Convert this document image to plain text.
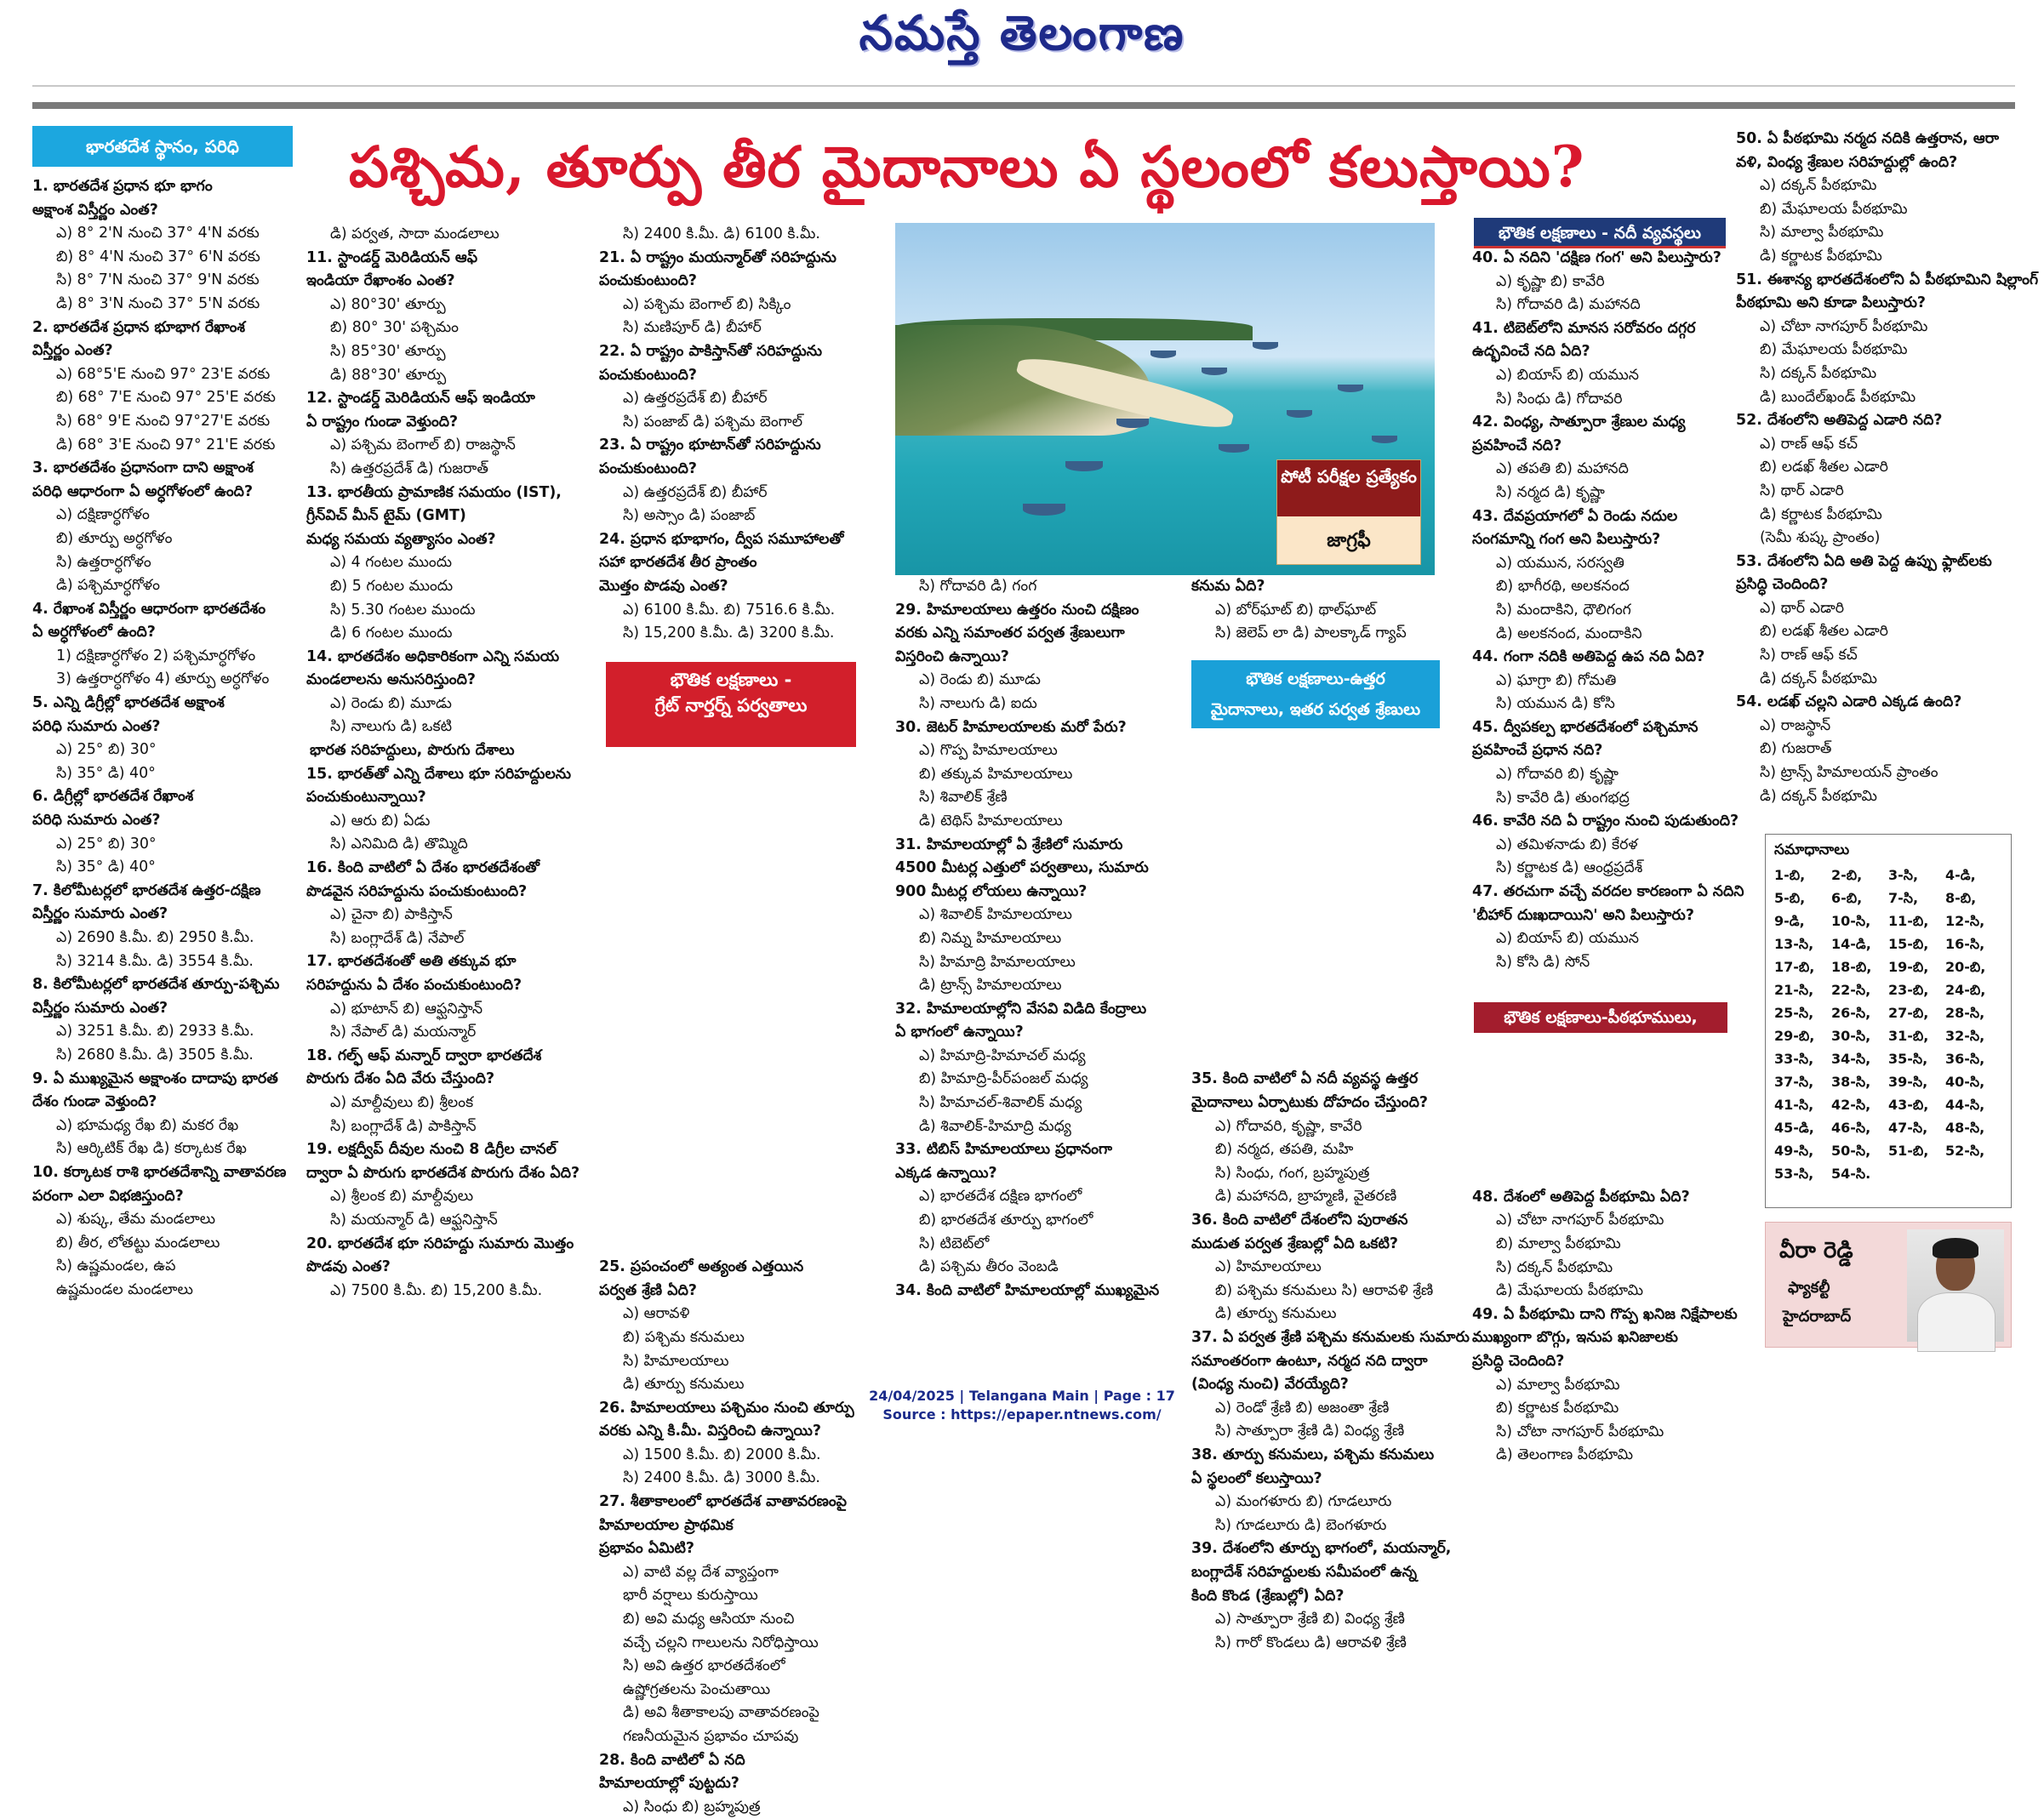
నమస్తే తెలంగాణ
భారతదేశ స్థానం, పరిధి	పశ్చిమ, తూర్పు తీర మైదానాలు ఏ స్థలంలో కలుస్తాయి?
పోటీ పరీక్షల ప్రత్యేకం
జాగ్రఫీ
భౌతిక లక్షణాలు -
గ్రేట్ నార్తర్న్ పర్వతాలు
భౌతిక లక్షణాలు - నదీ వ్యవస్థలు
భౌతిక లక్షణాలు-ఉత్తర
మైదానాలు, ఇతర పర్వత శ్రేణులు
భౌతిక లక్షణాలు-పీఠభూములు, ఎడారులు
1. భారతదేశ ప్రధాన భూ భాగం
అక్షాంశ విస్తీర్ణం ఎంత?
ఎ) 8° 2'N నుంచి 37° 4'N వరకు
బి) 8° 4'N నుంచి 37° 6'N వరకు
సి) 8° 7'N నుంచి 37° 9'N వరకు
డి) 8° 3'N నుంచి 37° 5'N వరకు
2. భారతదేశ ప్రధాన భూభాగ రేఖాంశ
విస్తీర్ణం ఎంత?
ఎ) 68°5'E నుంచి 97° 23'E వరకు
బి) 68° 7'E నుంచి 97° 25'E వరకు
సి) 68° 9'E నుంచి 97°27'E వరకు
డి) 68° 3'E నుంచి 97° 21'E వరకు
3. భారతదేశం ప్రధానంగా దాని అక్షాంశ
పరిధి ఆధారంగా ఏ అర్ధగోళంలో ఉంది?
ఎ) దక్షిణార్ధగోళం
బి) తూర్పు అర్ధగోళం
సి) ఉత్తరార్ధగోళం
డి) పశ్చిమార్ధగోళం
4. రేఖాంశ విస్తీర్ణం ఆధారంగా భారతదేశం
ఏ అర్ధగోళంలో ఉంది?
1) దక్షిణార్ధగోళం 2) పశ్చిమార్ధగోళం
3) ఉత్తరార్ధగోళం 4) తూర్పు అర్ధగోళం
5. ఎన్ని డిగ్రీల్లో భారతదేశ అక్షాంశ
పరిధి సుమారు ఎంత?
ఎ) 25° బి) 30°
సి) 35° డి) 40°
6. డిగ్రీల్లో భారతదేశ రేఖాంశ
పరిధి సుమారు ఎంత?
ఎ) 25° బి) 30°
సి) 35° డి) 40°
7. కిలోమీటర్లలో భారతదేశ ఉత్తర-దక్షిణ
విస్తీర్ణం సుమారు ఎంత?
ఎ) 2690 కి.మీ. బి) 2950 కి.మీ.
సి) 3214 కి.మీ. డి) 3554 కి.మీ.
8. కిలోమీటర్లలో భారతదేశ తూర్పు-పశ్చిమ
విస్తీర్ణం సుమారు ఎంత?
ఎ) 3251 కి.మీ. బి) 2933 కి.మీ.
సి) 2680 కి.మీ. డి) 3505 కి.మీ.
9. ఏ ముఖ్యమైన అక్షాంశం దాదాపు భారత
దేశం గుండా వెళ్తుంది?
ఎ) భూమధ్య రేఖ బి) మకర రేఖ
సి) ఆర్కిటిక్ రేఖ డి) కర్కాటక రేఖ
10. కర్కాటక రాశి భారతదేశాన్ని వాతావరణ
పరంగా ఎలా విభజిస్తుంది?
ఎ) శుష్క, తేమ మండలాలు
బి) తీర, లోతట్టు మండలాలు
సి) ఉష్ణమండల, ఉప
ఉష్ణమండల మండలాలు
డి) పర్వత, సాదా మండలాలు
11. స్టాండర్డ్ మెరిడియన్ ఆఫ్
ఇండియా రేఖాంశం ఎంత?
ఎ) 80°30' తూర్పు
బి) 80° 30' పశ్చిమం
సి) 85°30' తూర్పు
డి) 88°30' తూర్పు
12. స్టాండర్డ్ మెరిడియన్ ఆఫ్ ఇండియా
ఏ రాష్ట్రం గుండా వెళ్తుంది?
ఎ) పశ్చిమ బెంగాల్ బి) రాజస్థాన్
సి) ఉత్తరప్రదేశ్ డి) గుజరాత్
13. భారతీయ ప్రామాణిక సమయం (IST),
గ్రీన్‌విచ్ మీన్ టైమ్ (GMT)
మధ్య సమయ వ్యత్యాసం ఎంత?
ఎ) 4 గంటల ముందు
బి) 5 గంటల ముందు
సి) 5.30 గంటల ముందు
డి) 6 గంటల ముందు
14. భారతదేశం అధికారికంగా ఎన్ని సమయ
మండలాలను అనుసరిస్తుంది?
ఎ) రెండు బి) మూడు
సి) నాలుగు డి) ఒకటి
భారత సరిహద్దులు, పొరుగు దేశాలు
15. భారత్‌తో ఎన్ని దేశాలు భూ సరిహద్దులను
పంచుకుంటున్నాయి?
ఎ) ఆరు బి) ఏడు
సి) ఎనిమిది డి) తొమ్మిది
16. కింది వాటిలో ఏ దేశం భారతదేశంతో
పొడవైన సరిహద్దును పంచుకుంటుంది?
ఎ) చైనా బి) పాకిస్తాన్
సి) బంగ్లాదేశ్ డి) నేపాల్
17. భారతదేశంతో అతి తక్కువ భూ
సరిహద్దును ఏ దేశం పంచుకుంటుంది?
ఎ) భూటాన్ బి) ఆఫ్ఘనిస్తాన్
సి) నేపాల్ డి) మయన్మార్
18. గల్ఫ్ ఆఫ్ మన్నార్ ద్వారా భారతదేశ
పొరుగు దేశం ఏది వేరు చేస్తుంది?
ఎ) మాల్దీవులు బి) శ్రీలంక
సి) బంగ్లాదేశ్ డి) పాకిస్తాన్
19. లక్షద్వీప్ దీవుల నుంచి 8 డిగ్రీల చానల్
ద్వారా ఏ పొరుగు భారతదేశ పొరుగు దేశం ఏది?
ఎ) శ్రీలంక బి) మాల్దీవులు
సి) మయన్మార్ డి) ఆఫ్ఘనిస్తాన్
20. భారతదేశ భూ సరిహద్దు సుమారు మొత్తం
పొడవు ఎంత?
ఎ) 7500 కి.మీ. బి) 15,200 కి.మీ.
సి) 2400 కి.మీ. డి) 6100 కి.మీ.
21. ఏ రాష్ట్రం మయన్మార్‌తో సరిహద్దును
పంచుకుంటుంది?
ఎ) పశ్చిమ బెంగాల్ బి) సిక్కిం
సి) మణిపూర్ డి) బీహార్
22. ఏ రాష్ట్రం పాకిస్తాన్‌తో సరిహద్దును
పంచుకుంటుంది?
ఎ) ఉత్తరప్రదేశ్ బి) బీహార్
సి) పంజాబ్ డి) పశ్చిమ బెంగాల్
23. ఏ రాష్ట్రం భూటాన్‌తో సరిహద్దును
పంచుకుంటుంది?
ఎ) ఉత్తరప్రదేశ్ బి) బీహార్
సి) అస్సాం డి) పంజాబ్
24. ప్రధాన భూభాగం, ద్వీప సమూహాలతో
సహా భారతదేశ తీర ప్రాంతం
మొత్తం పొడవు ఎంత?
ఎ) 6100 కి.మీ. బి) 7516.6 కి.మీ.
సి) 15,200 కి.మీ. డి) 3200 కి.మీ.
25. ప్రపంచంలో అత్యంత ఎత్తయిన
పర్వత శ్రేణి ఏది?
ఎ) ఆరావళి
బి) పశ్చిమ కనుమలు
సి) హిమాలయాలు
డి) తూర్పు కనుమలు
26. హిమాలయాలు పశ్చిమం నుంచి తూర్పు
వరకు ఎన్ని కి.మీ. విస్తరించి ఉన్నాయి?
ఎ) 1500 కి.మీ. బి) 2000 కి.మీ.
సి) 2400 కి.మీ. డి) 3000 కి.మీ.
27. శీతాకాలంలో భారతదేశ వాతావరణంపై
హిమాలయాల ప్రాథమిక
ప్రభావం ఏమిటి?
ఎ) వాటి వల్ల దేశ వ్యాప్తంగా
భారీ వర్షాలు కురుస్తాయి
బి) అవి మధ్య ఆసియా నుంచి
వచ్చే చల్లని గాలులను నిరోధిస్తాయి
సి) అవి ఉత్తర భారతదేశంలో
ఉష్ణోగ్రతలను పెంచుతాయి
డి) అవి శీతాకాలపు వాతావరణంపై
గణనీయమైన ప్రభావం చూపవు
28. కింది వాటిలో ఏ నది
హిమాలయాల్లో పుట్టదు?
ఎ) సింధు బి) బ్రహ్మపుత్ర
సి) గోదావరి డి) గంగ
29. హిమాలయాలు ఉత్తరం నుంచి దక్షిణం
వరకు ఎన్ని సమాంతర పర్వత శ్రేణులుగా
విస్తరించి ఉన్నాయి?
ఎ) రెండు బి) మూడు
సి) నాలుగు డి) ఐదు
30. జెటర్ హిమాలయాలకు మరో పేరు?
ఎ) గొప్ప హిమాలయాలు
బి) తక్కువ హిమాలయాలు
సి) శివాలిక్ శ్రేణి
డి) టెథిస్ హిమాలయాలు
31. హిమాలయాల్లో ఏ శ్రేణిలో సుమారు
4500 మీటర్ల ఎత్తులో పర్వతాలు, సుమారు
900 మీటర్ల లోయలు ఉన్నాయి?
ఎ) శివాలిక్ హిమాలయాలు
బి) నిమ్న హిమాలయాలు
సి) హిమాద్రి హిమాలయాలు
డి) ట్రాన్స్ హిమాలయాలు
32. హిమాలయాల్లోని వేసవి విడిది కేంద్రాలు
ఏ భాగంలో ఉన్నాయి?
ఎ) హిమాద్రి-హిమాచల్ మధ్య
బి) హిమాద్రి-పీర్‌పంజల్ మధ్య
సి) హిమాచల్-శివాలిక్ మధ్య
డి) శివాలిక్-హిమాద్రి మధ్య
33. టిబిస్ హిమాలయాలు ప్రధానంగా
ఎక్కడ ఉన్నాయి?
ఎ) భారతదేశ దక్షిణ భాగంలో
బి) భారతదేశ తూర్పు భాగంలో
సి) టిబెట్‌లో
డి) పశ్చిమ తీరం వెంబడి
34. కింది వాటిలో హిమాలయాల్లో ముఖ్యమైన
కనుమ ఏది?
ఎ) బోర్‌ఘాట్ బి) థాల్‌ఘాట్
సి) జెలెప్ లా డి) పాలక్కాడ్ గ్యాప్
35. కింది వాటిలో ఏ నదీ వ్యవస్థ ఉత్తర
మైదానాలు ఏర్పాటుకు దోహదం చేస్తుంది?
ఎ) గోదావరి, కృష్ణా, కావేరి
బి) నర్మద, తపతి, మహి
సి) సింధు, గంగ, బ్రహ్మపుత్ర
డి) మహానది, బ్రాహ్మణి, వైతరణి
36. కింది వాటిలో దేశంలోని పురాతన
ముడుత పర్వత శ్రేణుల్లో ఏది ఒకటి?
ఎ) హిమాలయాలు
బి) పశ్చిమ కనుమలు సి) ఆరావళి శ్రేణి
డి) తూర్పు కనుమలు
37. ఏ పర్వత శ్రేణి పశ్చిమ కనుమలకు సుమారు
సమాంతరంగా ఉంటూ, నర్మద నది ద్వారా
(వింధ్య నుంచి) వేరయ్యేది?
ఎ) రెండో శ్రేణి బి) అజంతా శ్రేణి
సి) సాత్పూరా శ్రేణి డి) వింధ్య శ్రేణి
38. తూర్పు కనుమలు, పశ్చిమ కనుమలు
ఏ స్థలంలో కలుస్తాయి?
ఎ) మంగళూరు బి) గూడలూరు
సి) గూడలూరు డి) బెంగళూరు
39. దేశంలోని తూర్పు భాగంలో, మయన్మార్,
బంగ్లాదేశ్ సరిహద్దులకు సమీపంలో ఉన్న
కింది కొండ (శ్రేణుల్లో) ఏది?
ఎ) సాత్పూరా శ్రేణి బి) వింధ్య శ్రేణి
సి) గారో కొండలు డి) ఆరావళి శ్రేణి
40. ఏ నదిని 'దక్షిణ గంగ' అని పిలుస్తారు?
ఎ) కృష్ణా బి) కావేరి
సి) గోదావరి డి) మహానది
41. టిబెట్‌లోని మానస సరోవరం దగ్గర
ఉద్భవించే నది ఏది?
ఎ) బియాస్ బి) యమున
సి) సింధు డి) గోదావరి
42. వింధ్య, సాత్పూరా శ్రేణుల మధ్య
ప్రవహించే నది?
ఎ) తపతి బి) మహానది
సి) నర్మద డి) కృష్ణా
43. దేవప్రయాగలో ఏ రెండు నదుల
సంగమాన్ని గంగ అని పిలుస్తారు?
ఎ) యమున, సరస్వతి
బి) భాగీరథి, అలకనంద
సి) మందాకిని, ధౌలిగంగ
డి) అలకనంద, మందాకిని
44. గంగా నదికి అతిపెద్ద ఉప నది ఏది?
ఎ) ఘాగ్రా బి) గోమతి
సి) యమున డి) కోసి
45. ద్వీపకల్ప భారతదేశంలో పశ్చిమాన
ప్రవహించే ప్రధాన నది?
ఎ) గోదావరి బి) కృష్ణా
సి) కావేరి డి) తుంగభద్ర
46. కావేరి నది ఏ రాష్ట్రం నుంచి పుడుతుంది?
ఎ) తమిళనాడు బి) కేరళ
సి) కర్ణాటక డి) ఆంధ్రప్రదేశ్
47. తరచుగా వచ్చే వరదల కారణంగా ఏ నదిని
'బీహార్ దుఃఖదాయిని' అని పిలుస్తారు?
ఎ) బియాస్ బి) యమున
సి) కోసి డి) సోన్
48. దేశంలో అతిపెద్ద పీఠభూమి ఏది?
ఎ) చోటా నాగపూర్ పీఠభూమి
బి) మాల్వా పీఠభూమి
సి) దక్కన్ పీఠభూమి
డి) మేఘాలయ పీఠభూమి
49. ఏ పీఠభూమి దాని గొప్ప ఖనిజ నిక్షేపాలకు
ముఖ్యంగా బొగ్గు, ఇనుప ఖనిజాలకు
ప్రసిద్ధి చెందింది?
ఎ) మాల్వా పీఠభూమి
బి) కర్ణాటక పీఠభూమి
సి) చోటా నాగపూర్ పీఠభూమి
డి) తెలంగాణ పీఠభూమి
50. ఏ పీఠభూమి నర్మద నదికి ఉత్తరాన, ఆరా
వళి, వింధ్య శ్రేణుల సరిహద్దుల్లో ఉంది?
ఎ) దక్కన్ పీఠభూమి
బి) మేఘాలయ పీఠభూమి
సి) మాల్వా పీఠభూమి
డి) కర్ణాటక పీఠభూమి
51. ఈశాన్య భారతదేశంలోని ఏ పీఠభూమిని షిల్లాంగ్
పీఠభూమి అని కూడా పిలుస్తారు?
ఎ) చోటా నాగపూర్ పీఠభూమి
బి) మేఘాలయ పీఠభూమి
సి) దక్కన్ పీఠభూమి
డి) బుందేల్‌ఖండ్ పీఠభూమి
52. దేశంలోని అతిపెద్ద ఎడారి నది?
ఎ) రాణ్ ఆఫ్ కచ్
బి) లడఖ్ శీతల ఎడారి
సి) థార్ ఎడారి
డి) కర్ణాటక పీఠభూమి
(సెమీ శుష్క ప్రాంతం)
53. దేశంలోని ఏది అతి పెద్ద ఉప్పు ఫ్లాట్‌లకు
ప్రసిద్ధి చెందింది?
ఎ) థార్ ఎడారి
బి) లడఖ్ శీతల ఎడారి
సి) రాణ్ ఆఫ్ కచ్
డి) దక్కన్ పీఠభూమి
54. లడఖ్ చల్లని ఎడారి ఎక్కడ ఉంది?
ఎ) రాజస్థాన్
బి) గుజరాత్
సి) ట్రాన్స్ హిమాలయన్ ప్రాంతం
డి) దక్కన్ పీఠభూమి
సమాధానాలు
1-బి,	2-బి,	3-సి,	4-డి,
5-బి,	6-బి,	7-సి,	8-బి,
9-డి,	10-సి,	11-బి,	12-సి,
13-సి,	14-డి,	15-బి,	16-సి,
17-బి,	18-బి,	19-బి,	20-బి,
21-సి,	22-సి,	23-బి,	24-బి,
25-సి,	26-సి,	27-బి,	28-సి,
29-బి,	30-సి,	31-బి,	32-సి,
33-సి,	34-సి,	35-సి,	36-సి,
37-సి,	38-సి,	39-సి,	40-సి,
41-సి,	42-సి,	43-బి,	44-సి,
45-డి,	46-సి,	47-సి,	48-సి,
49-సి,	50-సి,	51-బి,	52-సి,
53-సి,	54-సి.
వీరా రెడ్డి
ఫ్యాకల్టీ
హైదరాబాద్
24/04/2025 | Telangana Main | Page : 17
Source : https://epaper.ntnews.com/
